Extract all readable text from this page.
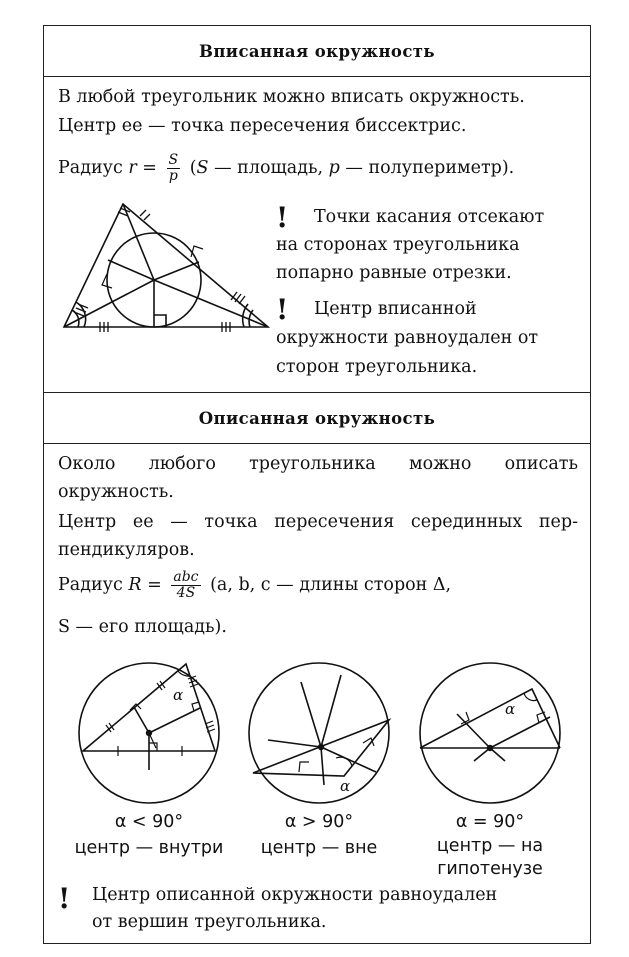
Вписанная окружность
В любой треугольник можно вписать окружность.
Центр ее — точка пересечения биссектрис.
Радиус $r = \frac{S}{p} (S$ — площадь, p — полупериметр).
! Точки касания отсекают
на сторонах треугольника
попарно равные отрезки.
! Центр вписанной
окружности равноудален от
сторон треугольника.
Описанная окружность
Около любого треугольника можно описать
окружность.
Центр ее — точка пересечения серединных пер-
пендикуляров.
Радиус $R = \frac{\text{abc}}{4S} (a$, b, c — длины сторон Δ,
S — его площадь).
α
α
α
α < 90°
центр — внутри
α > 90°
центр — вне
α = 90°
центр — на
гипотенузе
! Центр описанной окружности равноудален
от вершин треугольника.
